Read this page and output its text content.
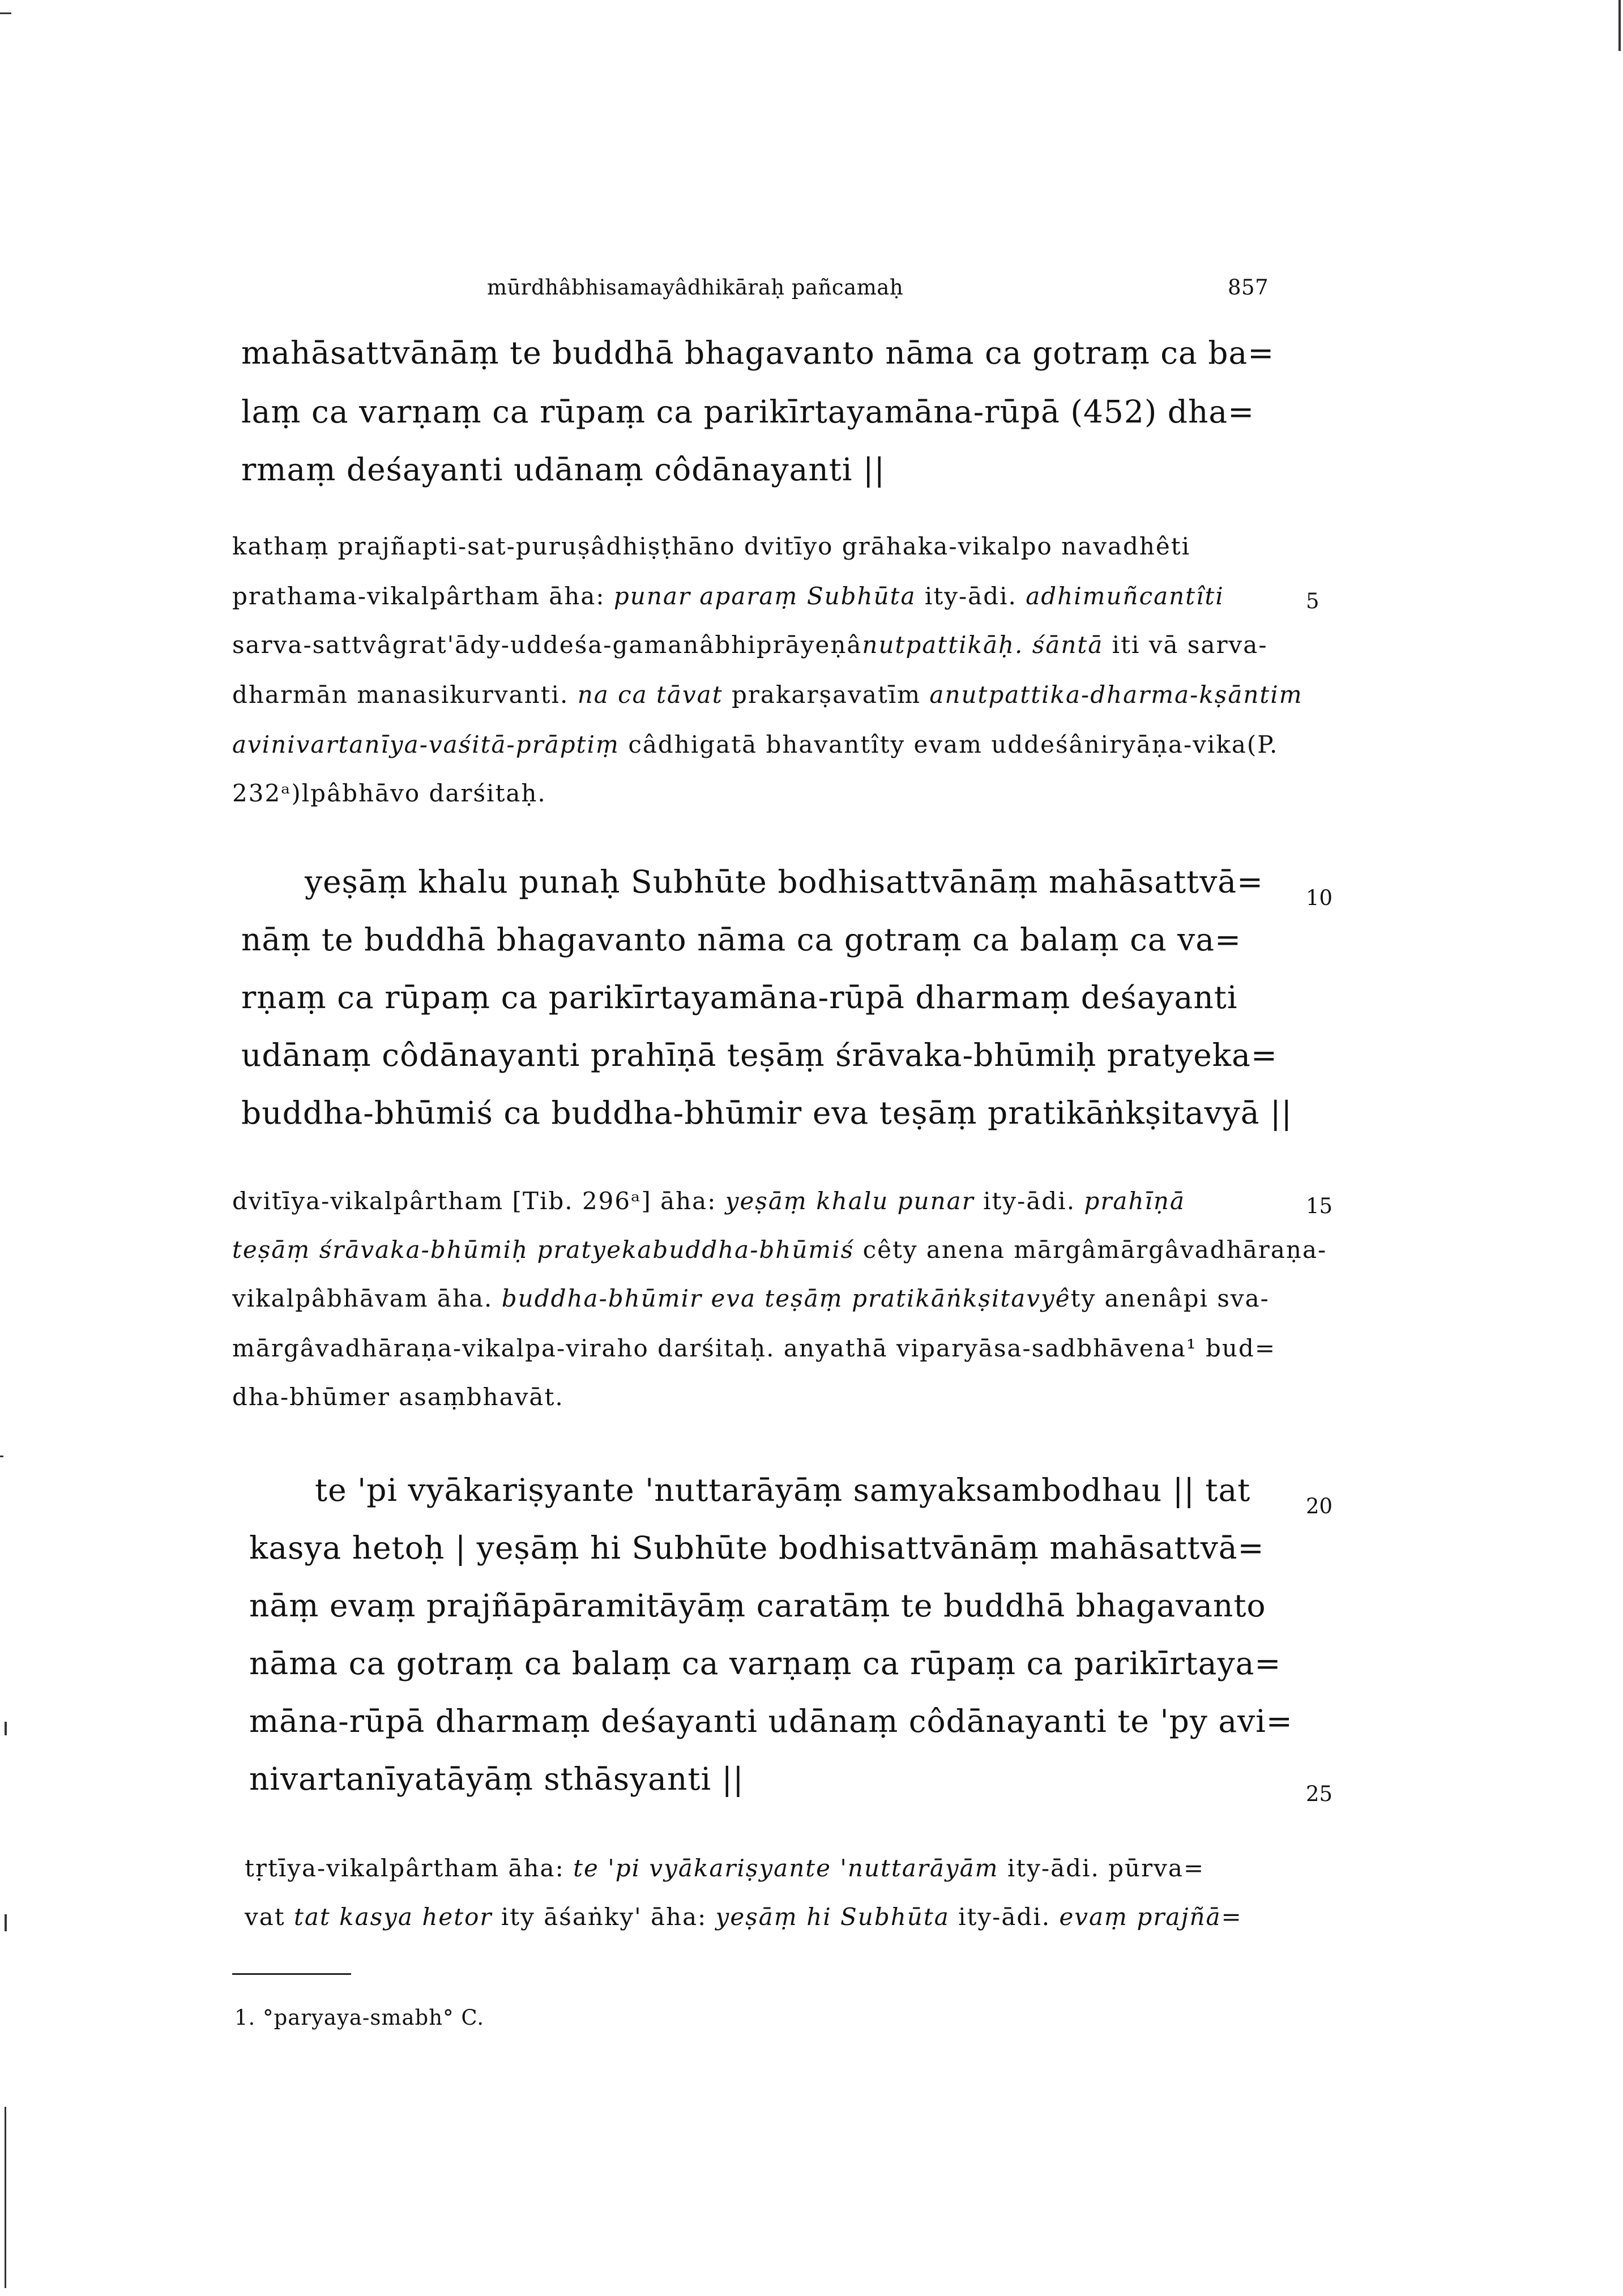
mūrdhâbhisamayâdhikāraḥ pañcamaḥ	857
mahāsattvānāṃ te buddhā bhagavanto nāma ca gotraṃ ca ba=
laṃ ca varṇaṃ ca rūpaṃ ca parikīrtayamāna-rūpā (452) dha=
rmaṃ deśayanti udānaṃ côdānayanti ||
kathaṃ prajñapti-sat-puruṣâdhiṣṭhāno dvitīyo grāhaka-vikalpo navadhêti
prathama-vikalpârtham āha: punar aparaṃ Subhūta ity-ādi. adhimuñcantîti
sarva-sattvâgrat'ādy-uddeśa-gamanâbhiprāyeṇânutpattikāḥ. śāntā iti vā sarva-
dharmān manasikurvanti. na ca tāvat prakarṣavatīm anutpattika-dharma-kṣāntim
avinivartanīya-vaśitā-prāptiṃ câdhigatā bhavantîty evam uddeśâniryāṇa-vika(P.
232ᵃ)lpâbhāvo darśitaḥ.
yeṣāṃ khalu punaḥ Subhūte bodhisattvānāṃ mahāsattvā=
nāṃ te buddhā bhagavanto nāma ca gotraṃ ca balaṃ ca va=
rṇaṃ ca rūpaṃ ca parikīrtayamāna-rūpā dharmaṃ deśayanti
udānaṃ côdānayanti prahīṇā teṣāṃ śrāvaka-bhūmiḥ pratyeka=
buddha-bhūmiś ca buddha-bhūmir eva teṣāṃ pratikāṅkṣitavyā ||
dvitīya-vikalpârtham [Tib. 296ᵃ] āha: yeṣāṃ khalu punar ity-ādi. prahīṇā
teṣāṃ śrāvaka-bhūmiḥ pratyekabuddha-bhūmiś cêty anena mārgâmārgâvadhāraṇa-
vikalpâbhāvam āha. buddha-bhūmir eva teṣāṃ pratikāṅkṣitavyêty anenâpi sva-
mārgâvadhāraṇa-vikalpa-viraho darśitaḥ. anyathā viparyāsa-sadbhāvena¹ bud=
dha-bhūmer asaṃbhavāt.
te 'pi vyākariṣyante 'nuttarāyāṃ samyaksambodhau || tat
kasya hetoḥ | yeṣāṃ hi Subhūte bodhisattvānāṃ mahāsattvā=
nāṃ evaṃ prajñāpāramitāyāṃ caratāṃ te buddhā bhagavanto
nāma ca gotraṃ ca balaṃ ca varṇaṃ ca rūpaṃ ca parikīrtaya=
māna-rūpā dharmaṃ deśayanti udānaṃ côdānayanti te 'py avi=
nivartanīyatāyāṃ sthāsyanti ||
tṛtīya-vikalpârtham āha: te 'pi vyākariṣyante 'nuttarāyām ity-ādi. pūrva=
vat tat kasya hetor ity āśaṅky' āha: yeṣāṃ hi Subhūta ity-ādi. evaṃ prajñā=
5
10
15
20
25
1. °paryaya-smabh° C.
